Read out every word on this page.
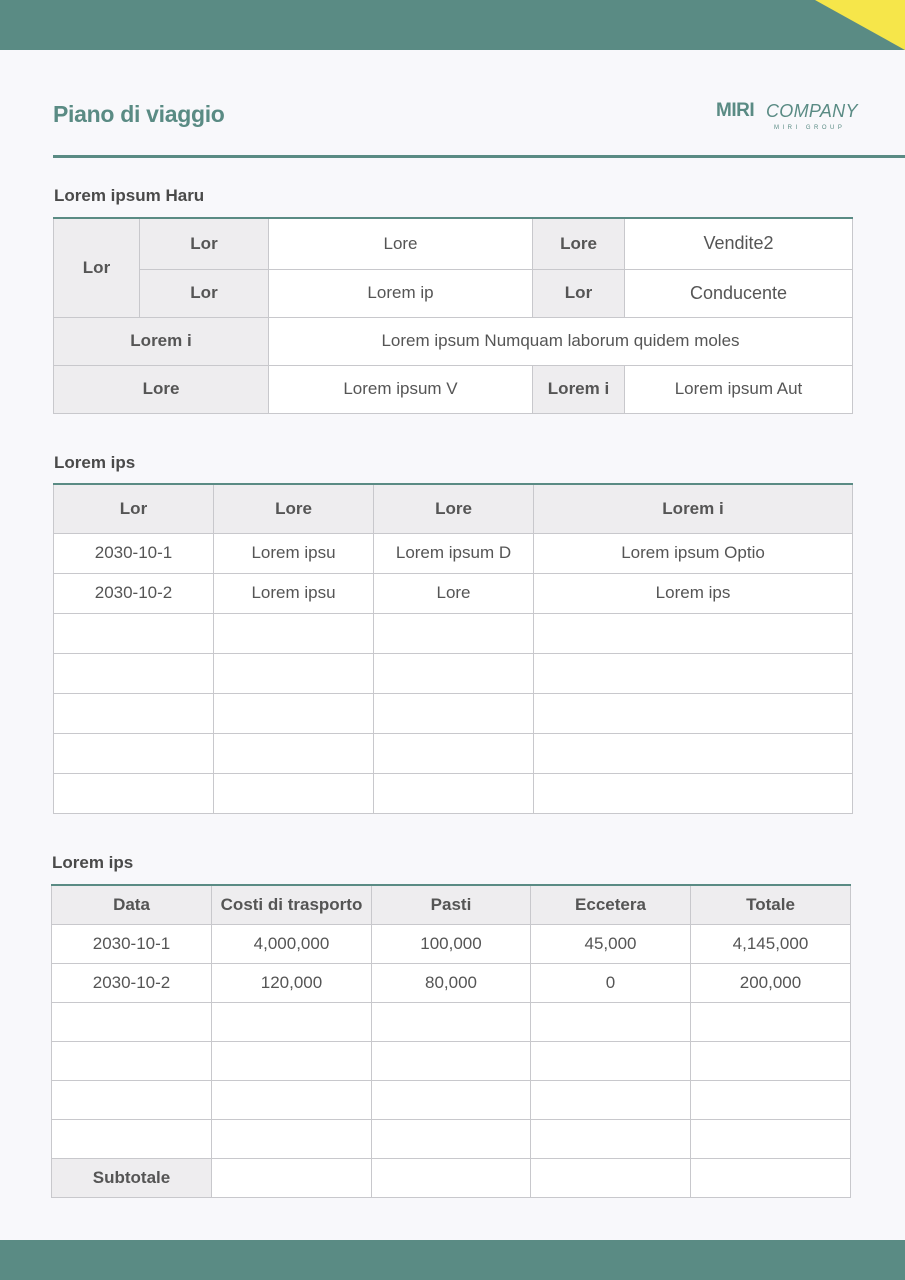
Piano di viaggio	MIRI COMPANY
MIRI GROUP
Lorem ipsum Haru
Lor	Lor	Lore	Lore	Vendite2
	Lor	Lorem ip	Lor	Conducente
Lorem i		Lorem ipsum Numquam laborum quidem moles		
Lore		Lorem ipsum V	Lorem i	Lorem ipsum Aut
Lorem ips
Lor	Lore	Lore	Lorem i
2030-10-1	Lorem ipsu	Lorem ipsum D	Lorem ipsum Optio
2030-10-2	Lorem ipsu	Lore	Lorem ips

Lorem ips
Data	Costi di trasporto	Pasti	Eccetera	Totale
2030-10-1	4,000,000	100,000	45,000	4,145,000
2030-10-2	120,000	80,000	0	200,000

Subtotale				
